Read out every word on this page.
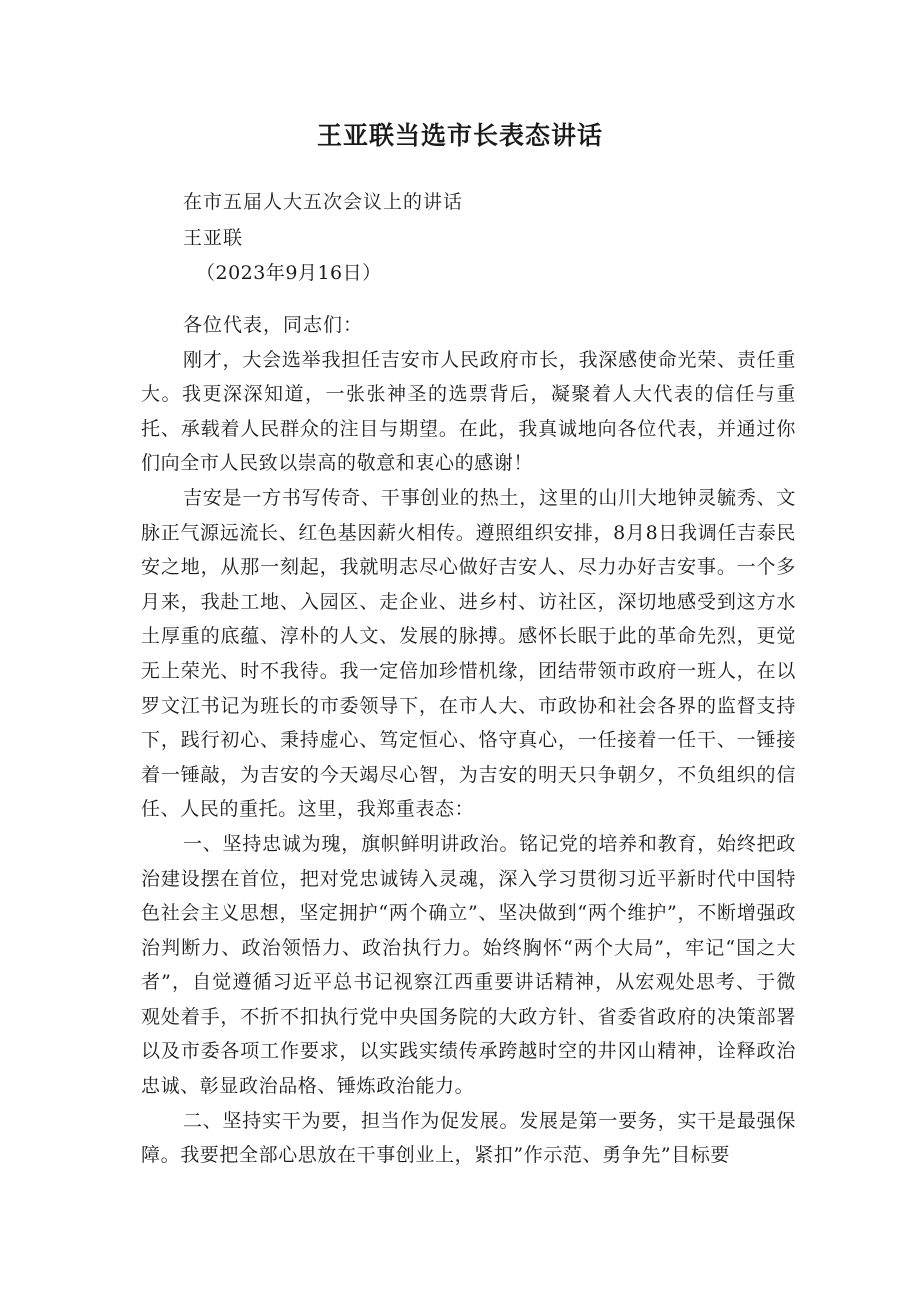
王亚联当选市长表态讲话

在市五届人大五次会议上的讲话

王亚联

（2023年9月16日）

各位代表，同志们：

刚才，大会选举我担任吉安市人民政府市长，我深感使命光荣、责任重大。我更深深知道，一张张神圣的选票背后，凝聚着人大代表的信任与重托、承载着人民群众的注目与期望。在此，我真诚地向各位代表，并通过你们向全市人民致以崇高的敬意和衷心的感谢！

吉安是一方书写传奇、干事创业的热土，这里的山川大地钟灵毓秀、文脉正气源远流长、红色基因薪火相传。遵照组织安排，8月8日我调任吉泰民安之地，从那一刻起，我就明志尽心做好吉安人、尽力办好吉安事。一个多月来，我赴工地、入园区、走企业、进乡村、访社区，深切地感受到这方水土厚重的底蕴、淳朴的人文、发展的脉搏。感怀长眠于此的革命先烈，更觉无上荣光、时不我待。我一定倍加珍惜机缘，团结带领市政府一班人，在以罗文江书记为班长的市委领导下，在市人大、市政协和社会各界的监督支持下，践行初心、秉持虚心、笃定恒心、恪守真心，一任接着一任干、一锤接着一锤敲，为吉安的今天竭尽心智，为吉安的明天只争朝夕，不负组织的信任、人民的重托。这里，我郑重表态：

一、坚持忠诚为瑰，旗帜鲜明讲政治。铭记党的培养和教育，始终把政治建设摆在首位，把对党忠诚铸入灵魂，深入学习贯彻习近平新时代中国特色社会主义思想，坚定拥护“两个确立”、坚决做到“两个维护”，不断增强政治判断力、政治领悟力、政治执行力。始终胸怀“两个大局”，牢记“国之大者”，自觉遵循习近平总书记视察江西重要讲话精神，从宏观处思考、于微观处着手，不折不扣执行党中央国务院的大政方针、省委省政府的决策部署以及市委各项工作要求，以实践实绩传承跨越时空的井冈山精神，诠释政治忠诚、彰显政治品格、锤炼政治能力。

二、坚持实干为要，担当作为促发展。发展是第一要务，实干是最强保障。我要把全部心思放在干事创业上，紧扣”作示范、勇争先”目标要
